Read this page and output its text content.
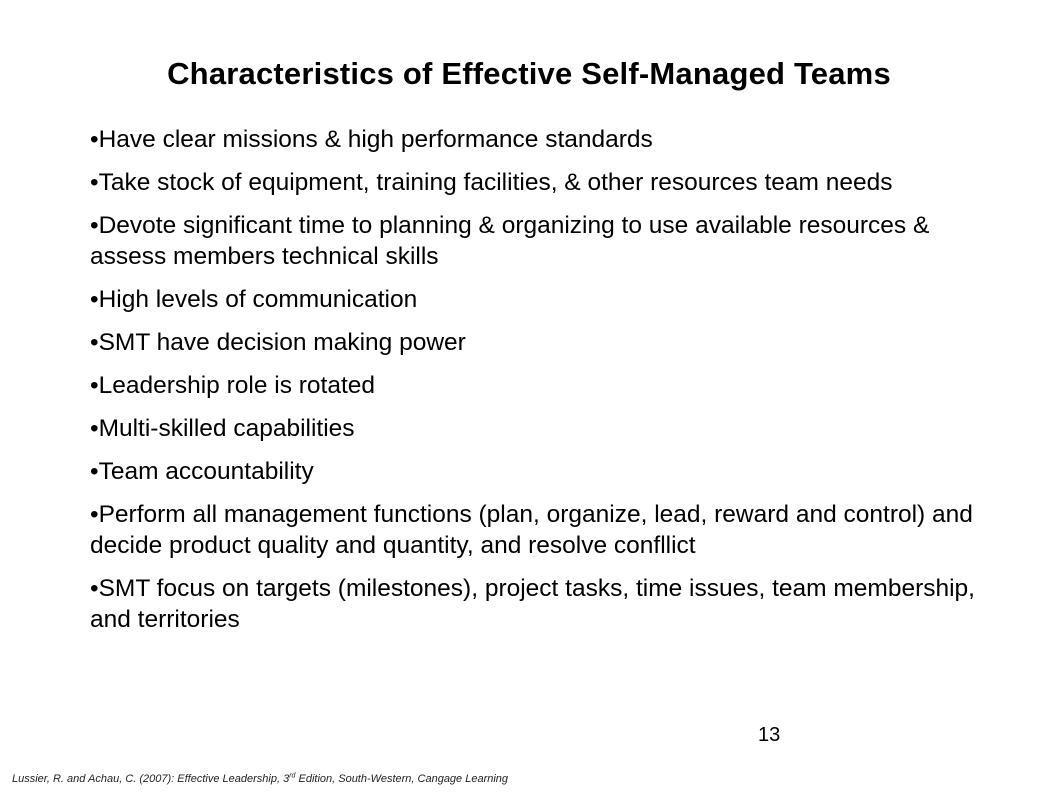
Characteristics of Effective Self-Managed Teams
• Have clear missions & high performance standards
• Take stock of equipment, training facilities, & other resources team needs
• Devote significant time to planning & organizing to use available resources & assess members technical skills
• High levels of communication
• SMT have decision making power
• Leadership role is rotated
• Multi-skilled capabilities
• Team accountability
• Perform all management functions (plan, organize, lead, reward and control) and decide product quality and quantity, and resolve confllict
• SMT focus on targets (milestones), project tasks, time issues, team membership, and territories
13
Lussier, R. and Achau, C. (2007): Effective Leadership, 3rd Edition, South-Western, Cangage Learning
